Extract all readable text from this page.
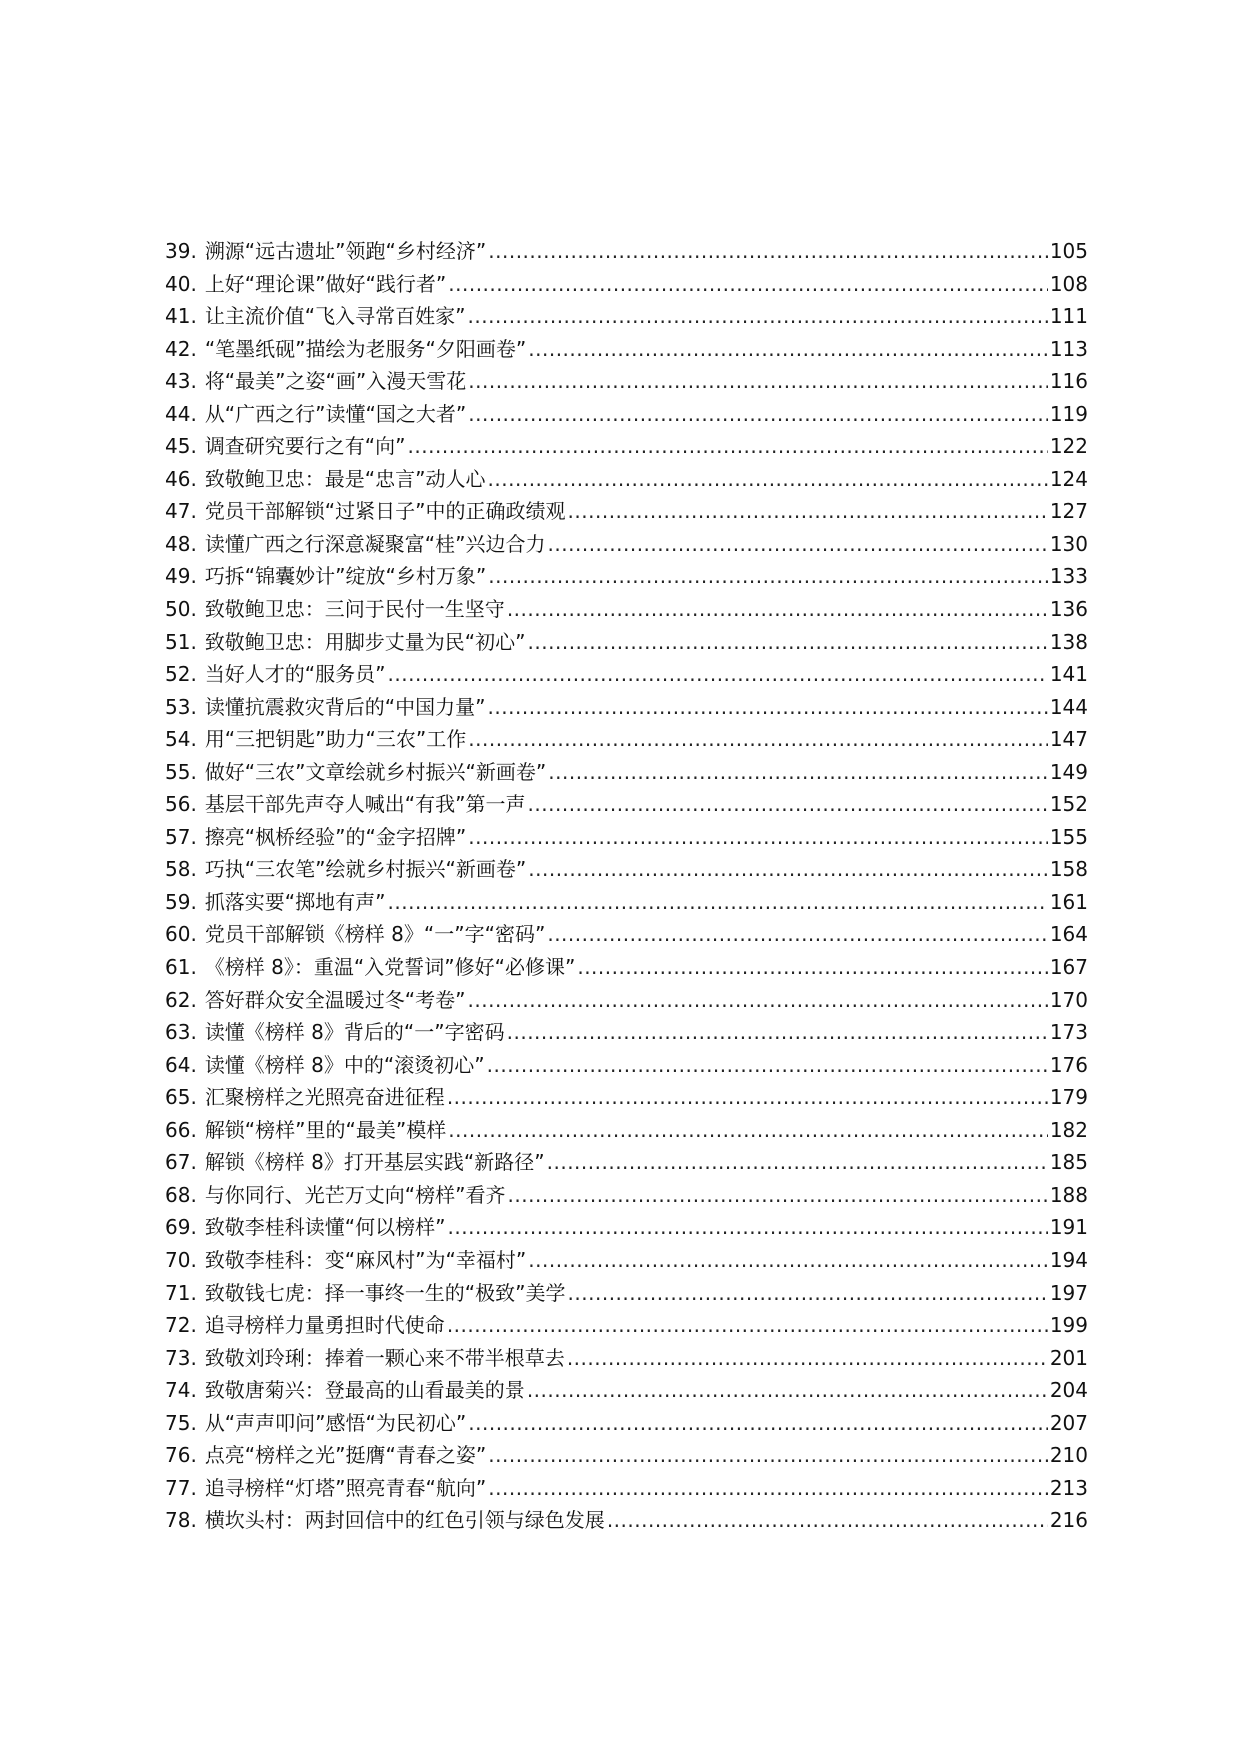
39. 溯源“远古遗址”领跑“乡村经济” .....	105
40. 上好“理论课”做好“践行者” .....	108
41. 让主流价值“飞入寻常百姓家” .....	111
42. “笔墨纸砚”描绘为老服务“夕阳画卷” .....	113
43. 将“最美”之姿“画”入漫天雪花 .....	116
44. 从“广西之行”读懂“国之大者” .....	119
45. 调查研究要行之有“向” .....	122
46. 致敬鲍卫忠：最是“忠言”动人心 .....	124
47. 党员干部解锁“过紧日子”中的正确政绩观 .....	127
48. 读懂广西之行深意凝聚富“桂”兴边合力 .....	130
49. 巧拆“锦囊妙计”绽放“乡村万象” .....	133
50. 致敬鲍卫忠：三问于民付一生坚守 .....	136
51. 致敬鲍卫忠：用脚步丈量为民“初心” .....	138
52. 当好人才的“服务员” .....	141
53. 读懂抗震救灾背后的“中国力量” .....	144
54. 用“三把钥匙”助力“三农”工作 .....	147
55. 做好“三农”文章绘就乡村振兴“新画卷” .....	149
56. 基层干部先声夺人喊出“有我”第一声 .....	152
57. 擦亮“枫桥经验”的“金字招牌” .....	155
58. 巧执“三农笔”绘就乡村振兴“新画卷” .....	158
59. 抓落实要“掷地有声” .....	161
60. 党员干部解锁《榜样 8》“一”字“密码” .....	164
61. 《榜样 8》：重温“入党誓词”修好“必修课” .....	167
62. 答好群众安全温暖过冬“考卷” .....	170
63. 读懂《榜样 8》背后的“一”字密码 .....	173
64. 读懂《榜样 8》中的“滚烫初心” .....	176
65. 汇聚榜样之光照亮奋进征程 .....	179
66. 解锁“榜样”里的“最美”模样 .....	182
67. 解锁《榜样 8》打开基层实践“新路径” .....	185
68. 与你同行、光芒万丈向“榜样”看齐 .....	188
69. 致敬李桂科读懂“何以榜样” .....	191
70. 致敬李桂科：变“麻风村”为“幸福村” .....	194
71. 致敬钱七虎：择一事终一生的“极致”美学 .....	197
72. 追寻榜样力量勇担时代使命 .....	199
73. 致敬刘玲琍：捧着一颗心来不带半根草去 .....	201
74. 致敬唐菊兴：登最高的山看最美的景 .....	204
75. 从“声声叩问”感悟“为民初心” .....	207
76. 点亮“榜样之光”挺膺“青春之姿” .....	210
77. 追寻榜样“灯塔”照亮青春“航向” .....	213
78. 横坎头村：两封回信中的红色引领与绿色发展 .....	216
